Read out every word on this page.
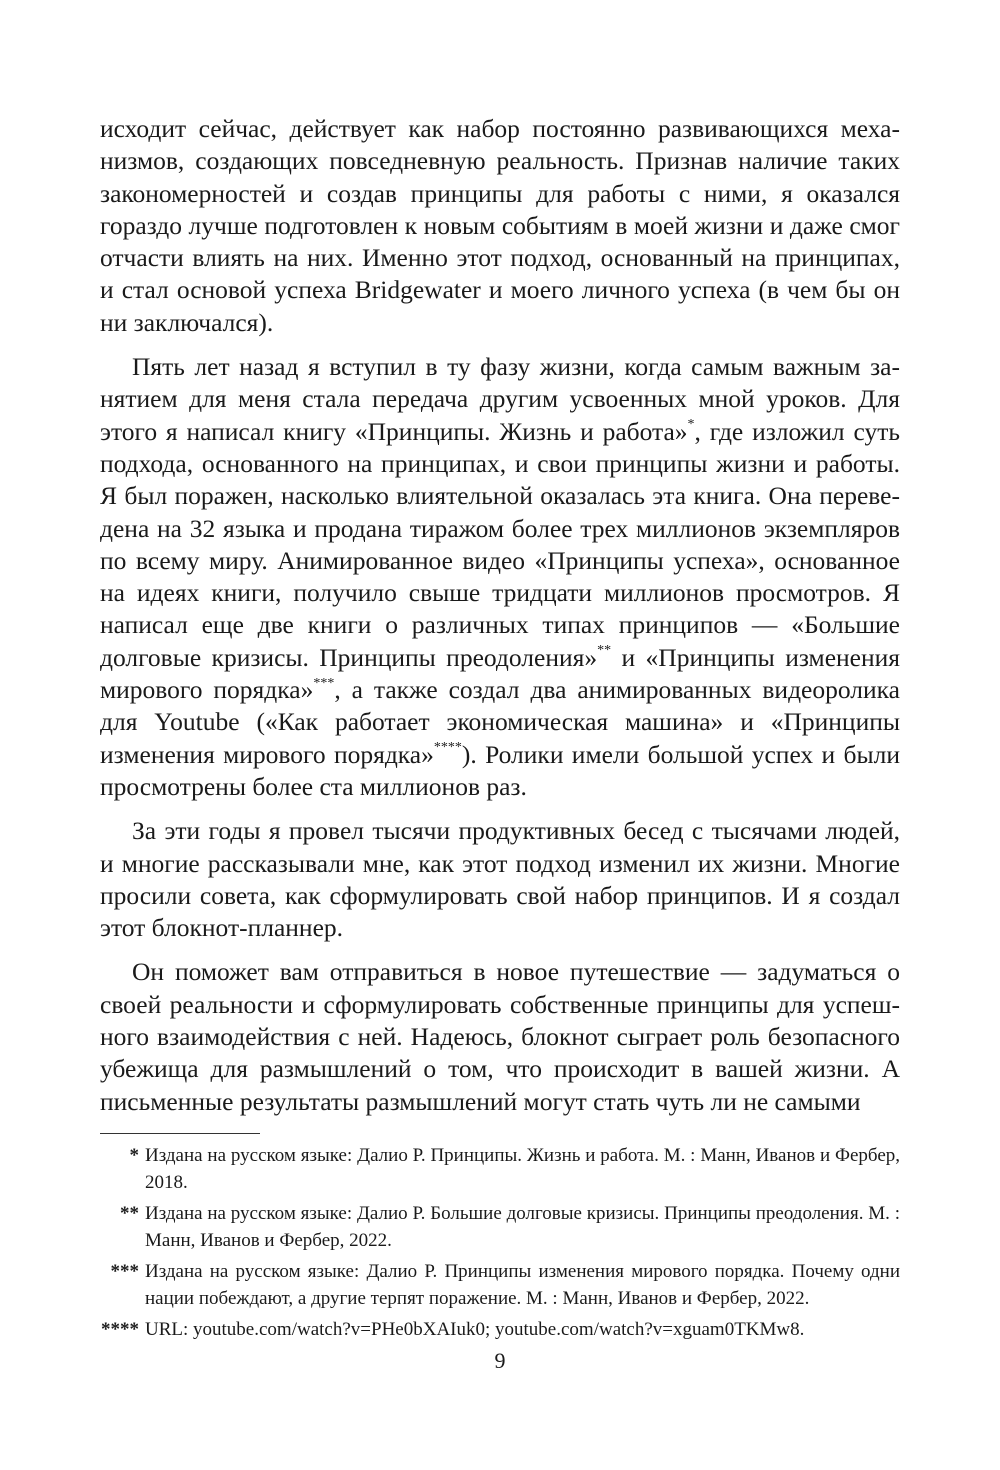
исходит сейчас, действует как набор постоянно развивающихся механизмов, создающих повседневную реальность. Признав наличие таких закономерностей и создав принципы для работы с ними, я оказался гораздо лучше подготовлен к новым событиям в моей жизни и даже смог отчасти влиять на них. Именно этот подход, основанный на принципах, и стал основой успеха Bridgewater и моего личного успеха (в чем бы он ни заключался).

Пять лет назад я вступил в ту фазу жизни, когда самым важным занятием для меня стала передача другим усвоенных мной уроков. Для этого я написал книгу «Принципы. Жизнь и работа»*, где изложил суть подхода, основанного на принципах, и свои принципы жизни и работы. Я был поражен, насколько влиятельной оказалась эта книга. Она переведена на 32 языка и продана тиражом более трех миллионов экземпляров по всему миру. Анимированное видео «Принципы успеха», основанное на идеях книги, получило свыше тридцати миллионов просмотров. Я написал еще две книги о различных типах принципов — «Большие долговые кризисы. Принципы преодоления»** и «Принципы изменения мирового порядка»***, а также создал два анимированных видеоролика для Youtube («Как работает экономическая машина» и «Принципы изменения мирового порядка»****). Ролики имели большой успех и были просмотрены более ста миллионов раз.

За эти годы я провел тысячи продуктивных бесед с тысячами людей, и многие рассказывали мне, как этот подход изменил их жизни. Многие просили совета, как сформулировать свой набор принципов. И я создал этот блокнот-планнер.

Он поможет вам отправиться в новое путешествие — задуматься о своей реальности и сформулировать собственные принципы для успешного взаимодействия с ней. Надеюсь, блокнот сыграет роль безопасного убежища для размышлений о том, что происходит в вашей жизни. А письменные результаты размышлений могут стать чуть ли не самыми

* Издана на русском языке: Далио Р. Принципы. Жизнь и работа. М. : Манн, Иванов и Фербер, 2018.
** Издана на русском языке: Далио Р. Большие долговые кризисы. Принципы преодоления. М. : Манн, Иванов и Фербер, 2022.
*** Издана на русском языке: Далио Р. Принципы изменения мирового порядка. Почему одни нации побеждают, а другие терпят поражение. М. : Манн, Иванов и Фербер, 2022.
**** URL: youtube.com/watch?v=PHe0bXAIuk0; youtube.com/watch?v=xguam0TKMw8.
9
